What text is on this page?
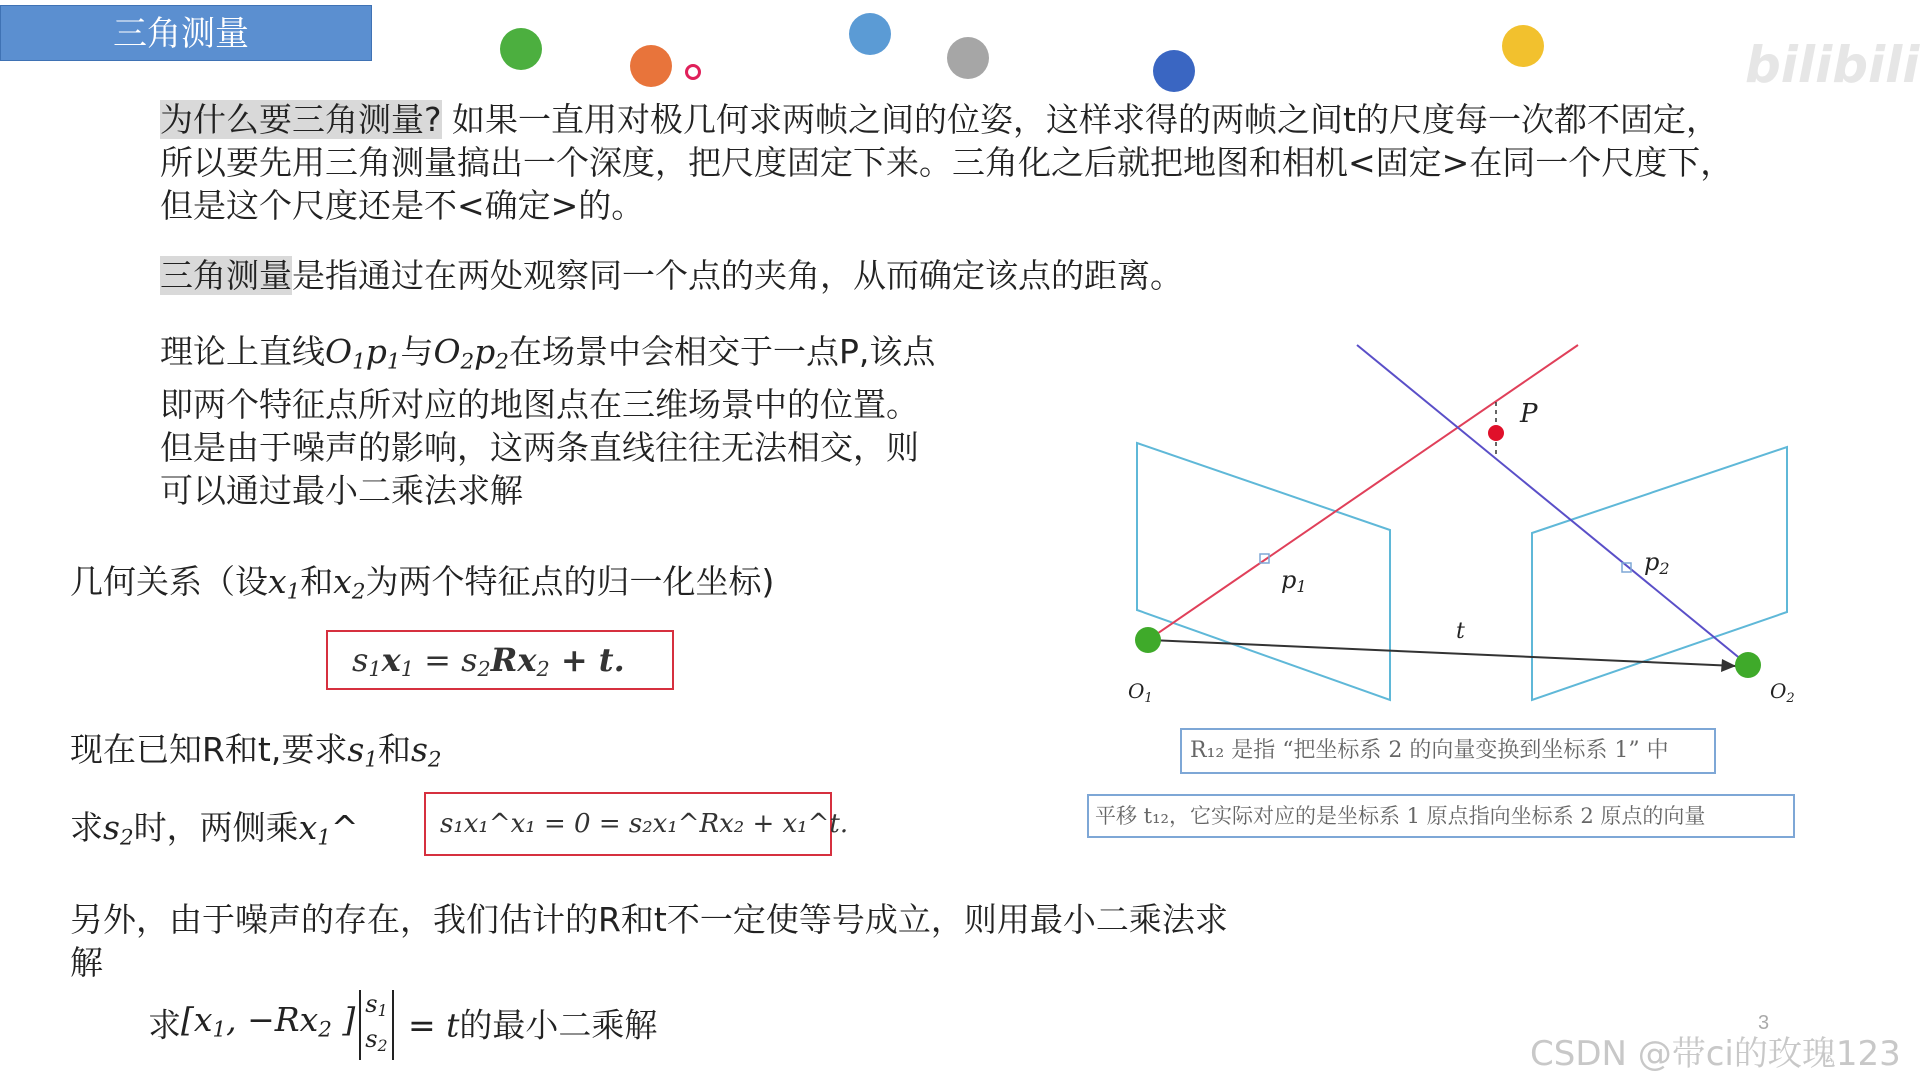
三角测量
bilibili
为什么要三角测量? 如果一直用对极几何求两帧之间的位姿，这样求得的两帧之间t的尺度每一次都不固定，
所以要先用三角测量搞出一个深度，把尺度固定下来。三角化之后就把地图和相机<固定>在同一个尺度下，
但是这个尺度还是不<确定>的。
三角测量是指通过在两处观察同一个点的夹角，从而确定该点的距离。
理论上直线$O_1p_1$与$O_2p_2$在场景中会相交于一点P,该点
即两个特征点所对应的地图点在三维场景中的位置。
但是由于噪声的影响，这两条直线往往无法相交，则
可以通过最小二乘法求解
几何关系（设$x_1$和$x_2$为两个特征点的归一化坐标)
$s_1x_1 = s_2Rx_2 + t$.
现在已知R和t,要求$s_1$和$s_2$
求$s_2$时，两侧乘$x_1\^{}$	s₁x₁^x₁ = 0 = s₂x₁^Rx₂ + x₁^t.
另外，由于噪声的存在，我们估计的R和t不一定使等号成立，则用最小二乘法求
解
求[$x_1$, $-Rx_2$ ] $s_1$
$s_2$
= t的最小二乘解
P
p1
p2
t
$O_1$	$O_2$
R₁₂ 是指 “把坐标系 2 的向量变换到坐标系 1” 中
平移 t₁₂，它实际对应的是坐标系 1 原点指向坐标系 2 原点的向量
3
CSDN @带ci的玫瑰123
